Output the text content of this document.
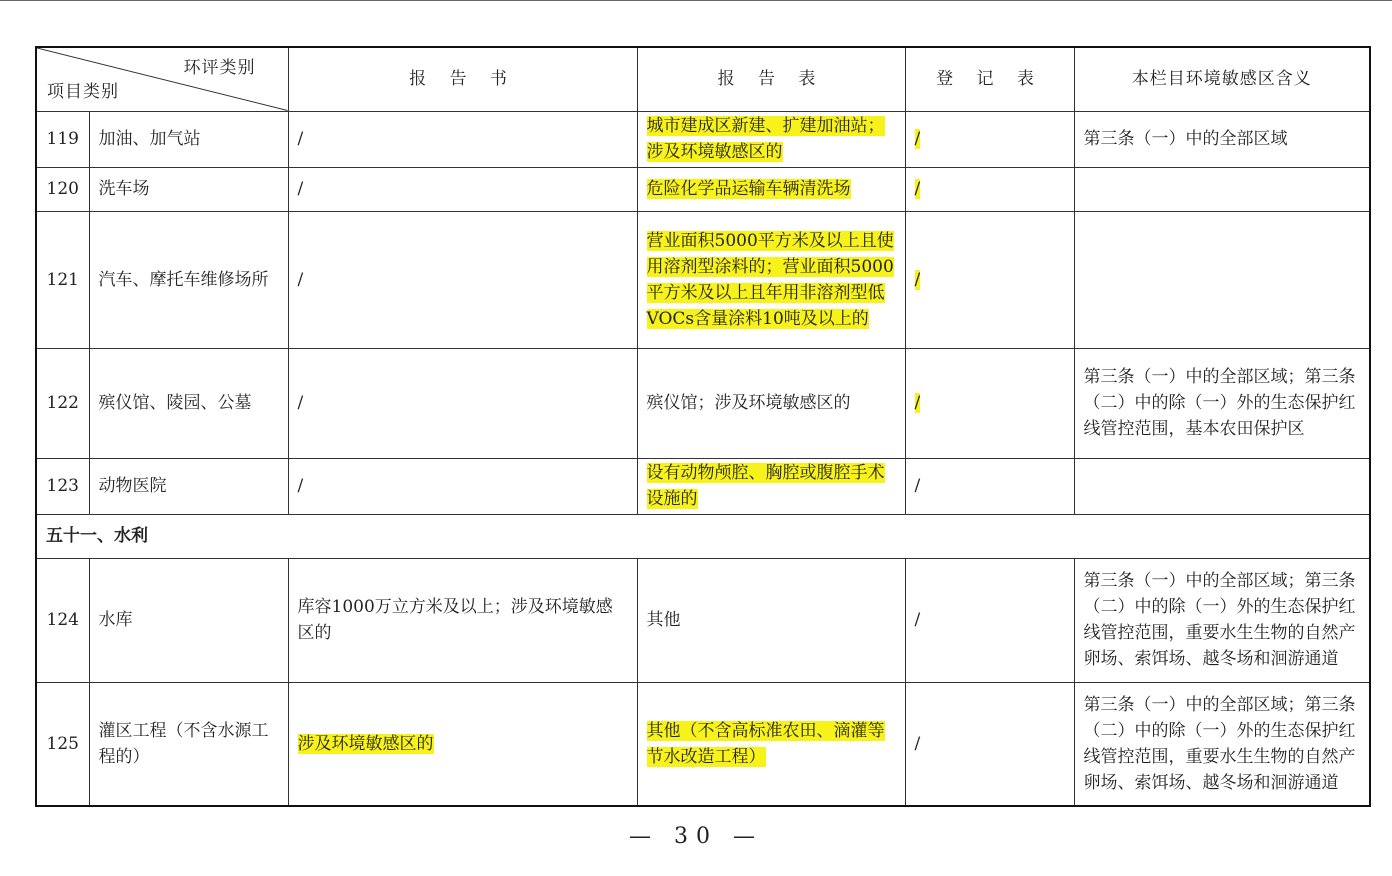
环评类别
项目类别		报 告 书	报 告 表	登 记 表	本栏目环境敏感区含义
119	加油、加气站	/	城市建成区新建、扩建加油站；涉及环境敏感区的	/	第三条（一）中的全部区域
120	洗车场	/	危险化学品运输车辆清洗场	/	
121	汽车、摩托车维修场所	/	营业面积5000平方米及以上且使用溶剂型涂料的；营业面积5000平方米及以上且年用非溶剂型低VOCs含量涂料10吨及以上的	/	
122	殡仪馆、陵园、公墓	/	殡仪馆；涉及环境敏感区的	/	第三条（一）中的全部区域；第三条（二）中的除（一）外的生态保护红线管控范围，基本农田保护区
123	动物医院	/	设有动物颅腔、胸腔或腹腔手术设施的	/	
五十一、水利					
124	水库	库容1000万立方米及以上；涉及环境敏感区的	其他	/	第三条（一）中的全部区域；第三条（二）中的除（一）外的生态保护红线管控范围，重要水生生物的自然产卵场、索饵场、越冬场和洄游通道
125	灌区工程（不含水源工程的）	涉及环境敏感区的	其他（不含高标准农田、滴灌等节水改造工程）	/	第三条（一）中的全部区域；第三条（二）中的除（一）外的生态保护红线管控范围，重要水生生物的自然产卵场、索饵场、越冬场和洄游通道
— 30 —
